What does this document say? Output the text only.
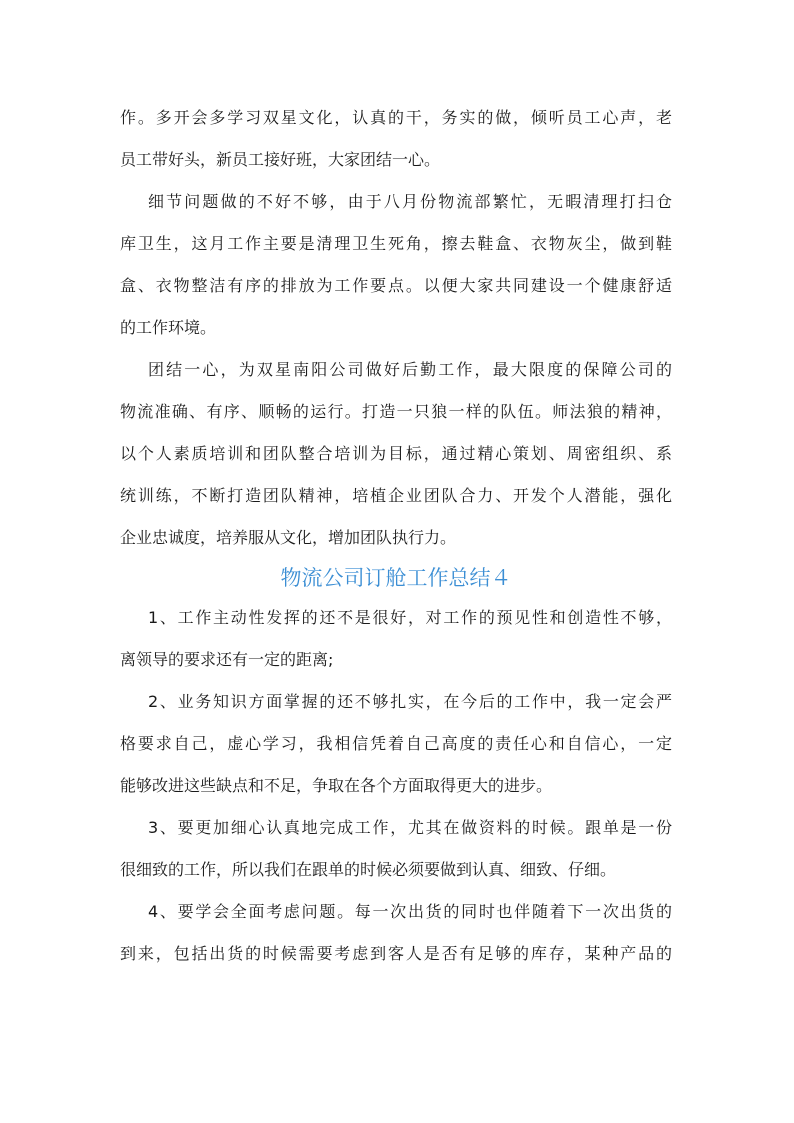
作。多开会多学习双星文化，认真的干，务实的做，倾听员工心声，老
员工带好头，新员工接好班，大家团结一心。
细节问题做的不好不够，由于八月份物流部繁忙，无暇清理打扫仓
库卫生，这月工作主要是清理卫生死角，擦去鞋盒、衣物灰尘，做到鞋
盒、衣物整洁有序的排放为工作要点。以便大家共同建设一个健康舒适
的工作环境。
团结一心，为双星南阳公司做好后勤工作，最大限度的保障公司的
物流准确、有序、顺畅的运行。打造一只狼一样的队伍。师法狼的精神，
以个人素质培训和团队整合培训为目标，通过精心策划、周密组织、系
统训练，不断打造团队精神，培植企业团队合力、开发个人潜能，强化
企业忠诚度，培养服从文化，增加团队执行力。
物流公司订舱工作总结４
1、工作主动性发挥的还不是很好，对工作的预见性和创造性不够，
离领导的要求还有一定的距离;
2、业务知识方面掌握的还不够扎实，在今后的工作中，我一定会严
格要求自己，虚心学习，我相信凭着自己高度的责任心和自信心，一定
能够改进这些缺点和不足，争取在各个方面取得更大的进步。
3、要更加细心认真地完成工作，尤其在做资料的时候。跟单是一份
很细致的工作，所以我们在跟单的时候必须要做到认真、细致、仔细。
4、要学会全面考虑问题。每一次出货的同时也伴随着下一次出货的
到来，包括出货的时候需要考虑到客人是否有足够的库存，某种产品的
